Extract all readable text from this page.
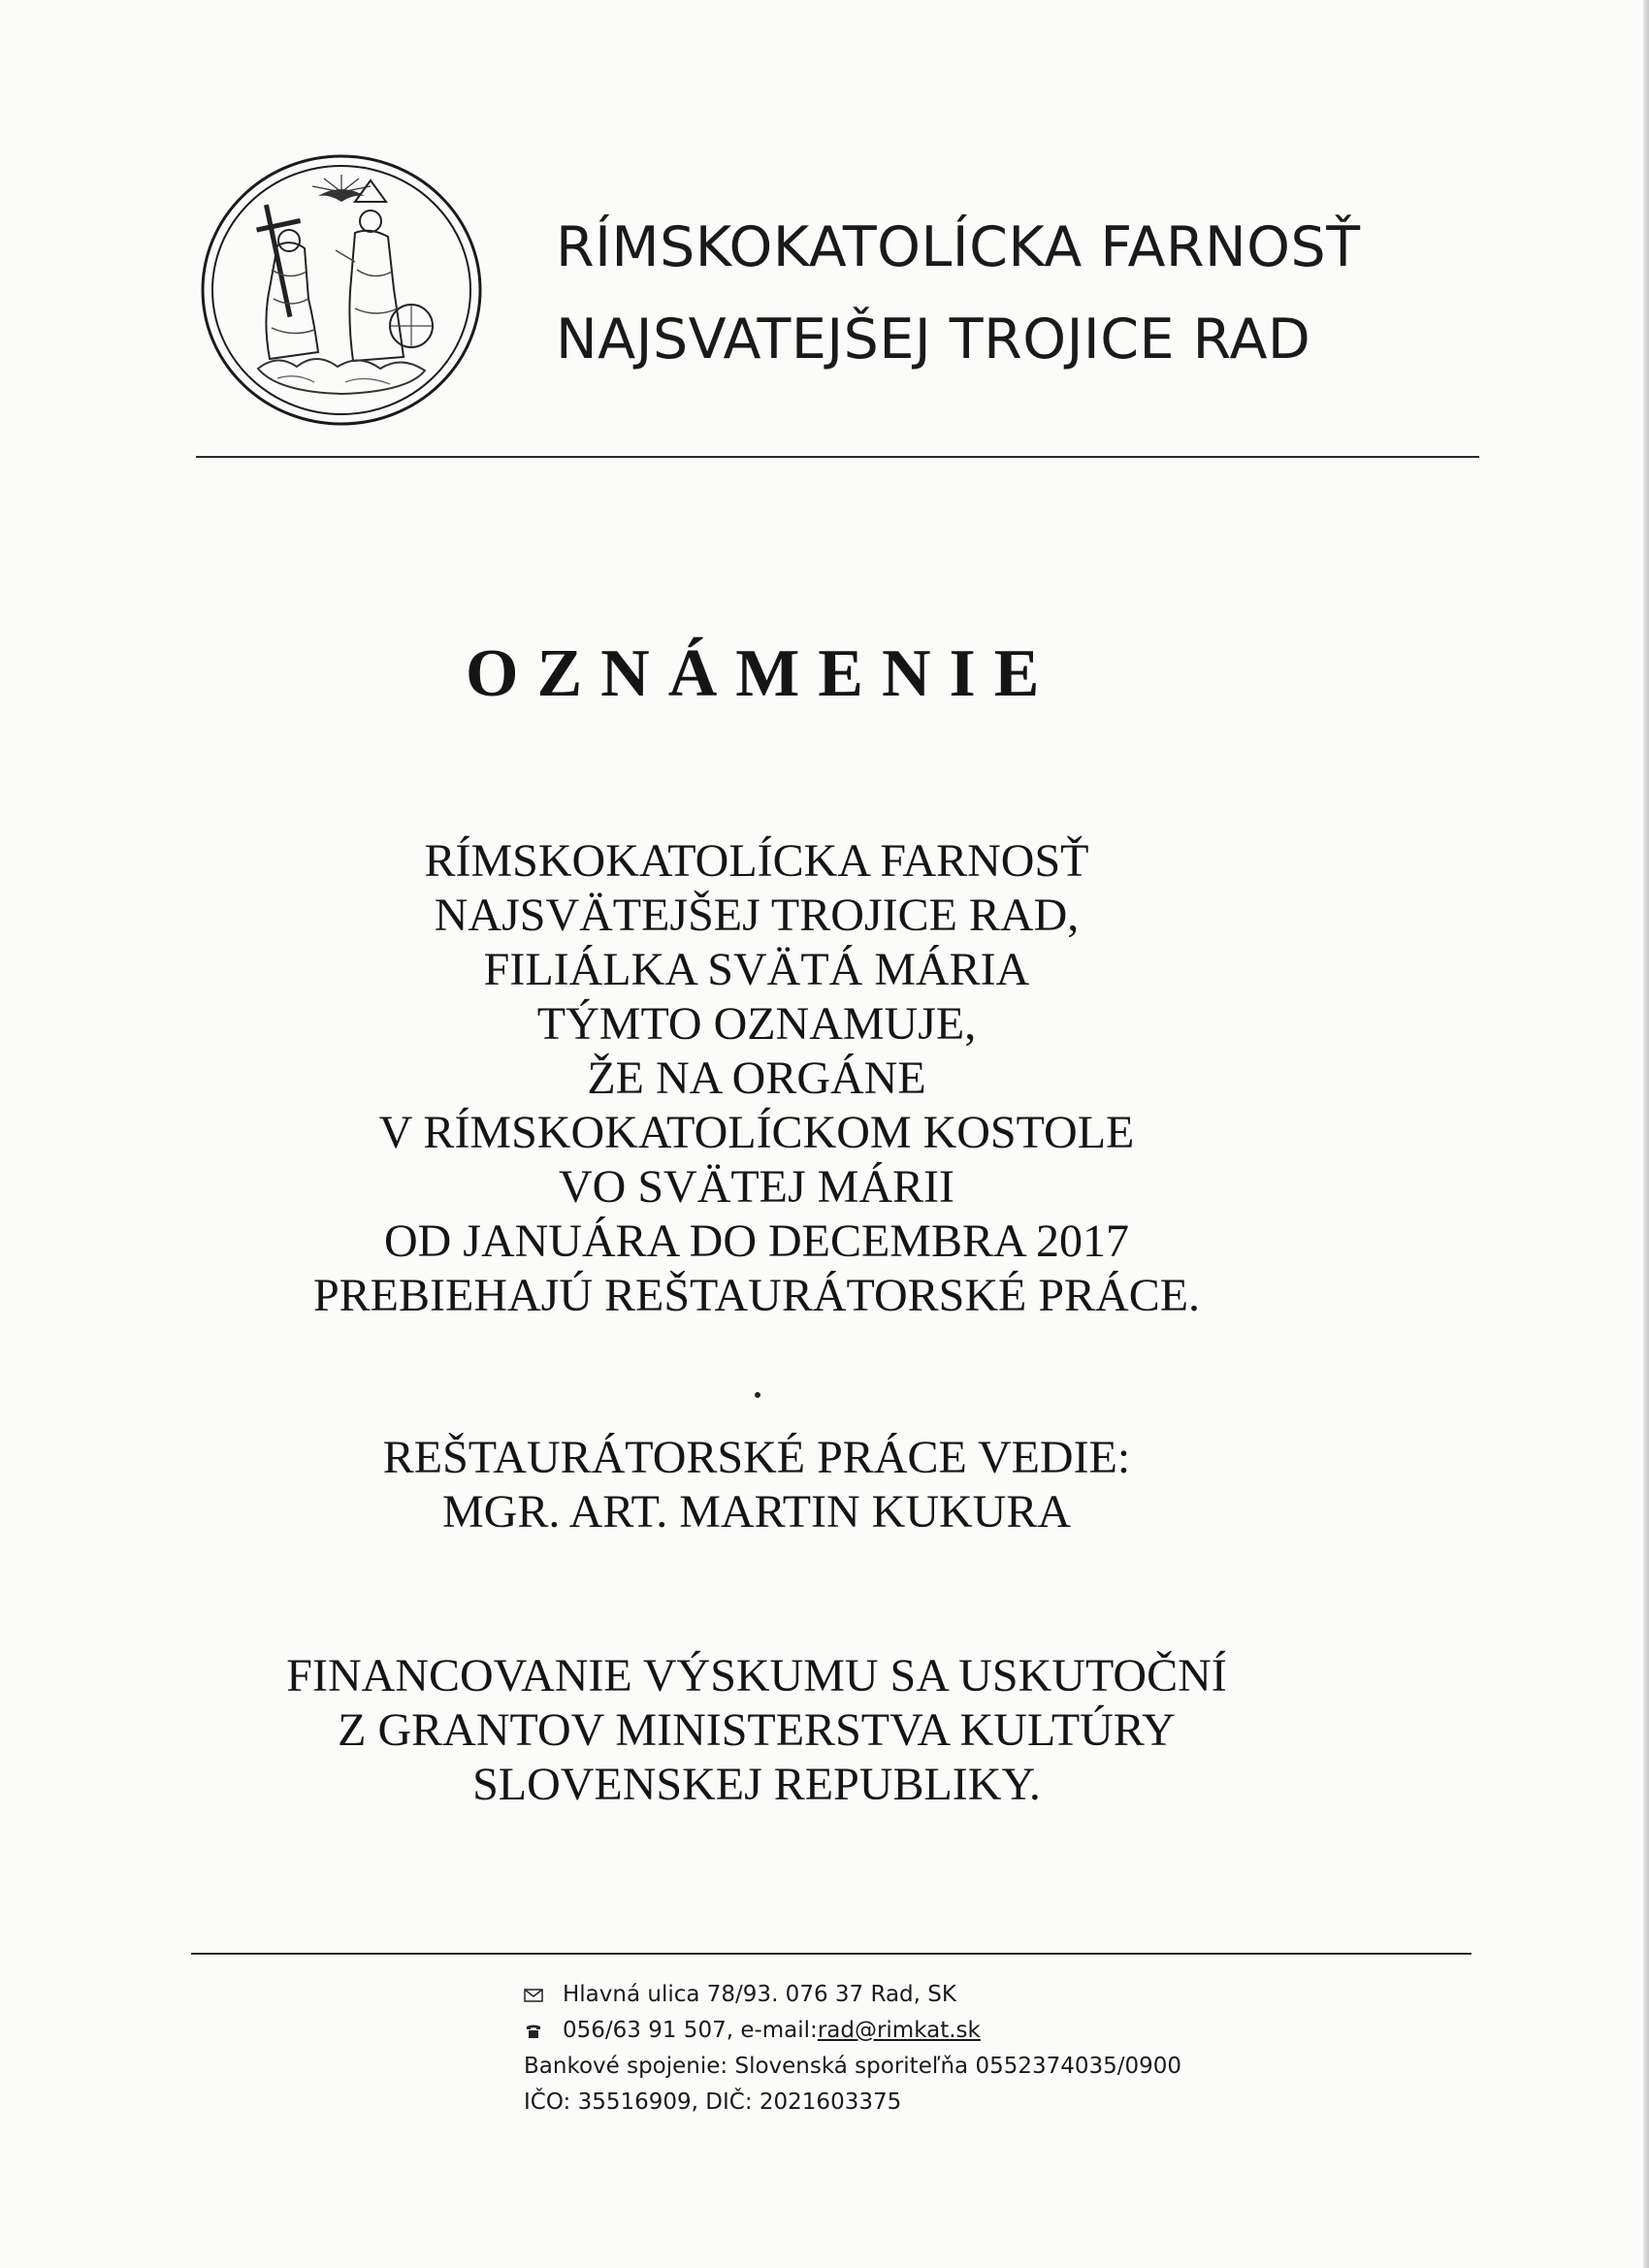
RÍMSKOKATOLÍCKA FARNOSŤ
NAJSVATEJŠEJ TROJICE RAD
OZNÁMENIE

RÍMSKOKATOLÍCKA FARNOSŤ

NAJSVÄTEJŠEJ TROJICE RAD,

FILIÁLKA SVÄTÁ MÁRIA

TÝMTO OZNAMUJE,

ŽE NA ORGÁNE

V RÍMSKOKATOLÍCKOM KOSTOLE

VO SVÄTEJ MÁRII

OD JANUÁRA DO DECEMBRA 2017

PREBIEHAJÚ REŠTAURÁTORSKÉ PRÁCE.

REŠTAURÁTORSKÉ PRÁCE VEDIE:

MGR. ART. MARTIN KUKURA

FINANCOVANIE VÝSKUMU SA USKUTOČNÍ

Z GRANTOV MINISTERSTVA KULTÚRY

SLOVENSKEJ REPUBLIKY.

Hlavná ulica 78/93. 076 37 Rad, SK
056/63 91 507, e-mail: rad@rimkat.sk
Bankové spojenie: Slovenská sporiteľňa 0552374035/0900
IČO: 35516909, DIČ: 2021603375
